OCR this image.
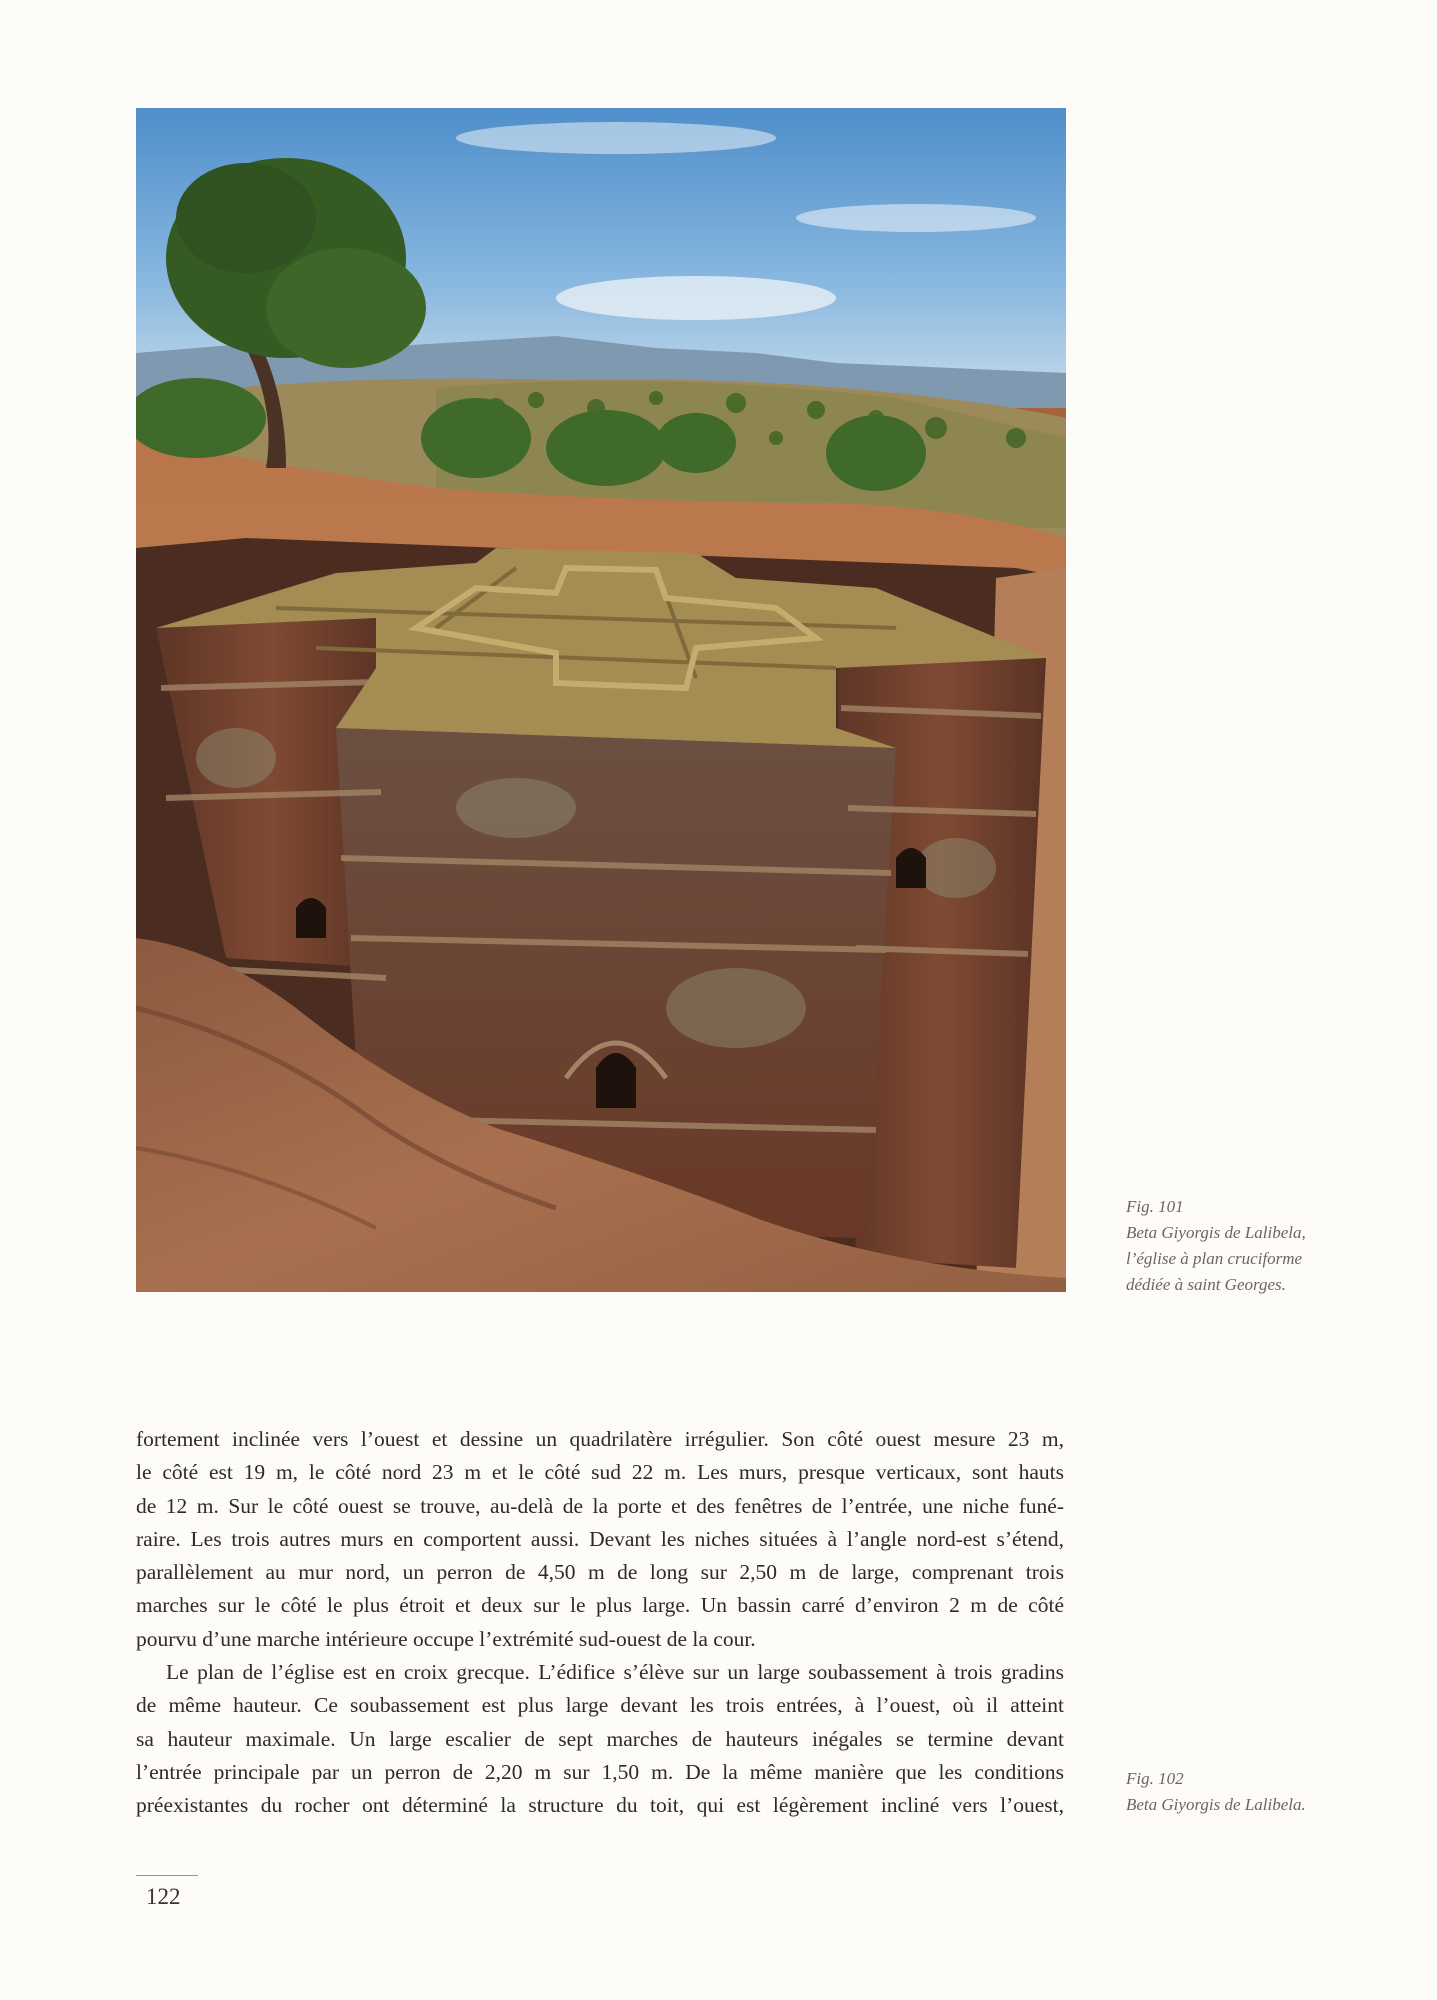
Fig. 101
Beta Giyorgis de Lalibela,
l’église à plan cruciforme
dédiée à saint Georges.
Fig. 102
Beta Giyorgis de Lalibela.

fortement inclinée vers l’ouest et dessine un quadrilatère irrégulier. Son côté ouest mesure 23 m,
le côté est 19 m, le côté nord 23 m et le côté sud 22 m. Les murs, presque verticaux, sont hauts
de 12 m. Sur le côté ouest se trouve, au-delà de la porte et des fenêtres de l’entrée, une niche funé-
raire. Les trois autres murs en comportent aussi. Devant les niches situées à l’angle nord-est s’étend,
parallèlement au mur nord, un perron de 4,50 m de long sur 2,50 m de large, comprenant trois
marches sur le côté le plus étroit et deux sur le plus large. Un bassin carré d’environ 2 m de côté
pourvu d’une marche intérieure occupe l’extrémité sud-ouest de la cour.

Le plan de l’église est en croix grecque. L’édifice s’élève sur un large soubassement à trois gradins
de même hauteur. Ce soubassement est plus large devant les trois entrées, à l’ouest, où il atteint
sa hauteur maximale. Un large escalier de sept marches de hauteurs inégales se termine devant
l’entrée principale par un perron de 2,20 m sur 1,50 m. De la même manière que les conditions
préexistantes du rocher ont déterminé la structure du toit, qui est légèrement incliné vers l’ouest,

122
